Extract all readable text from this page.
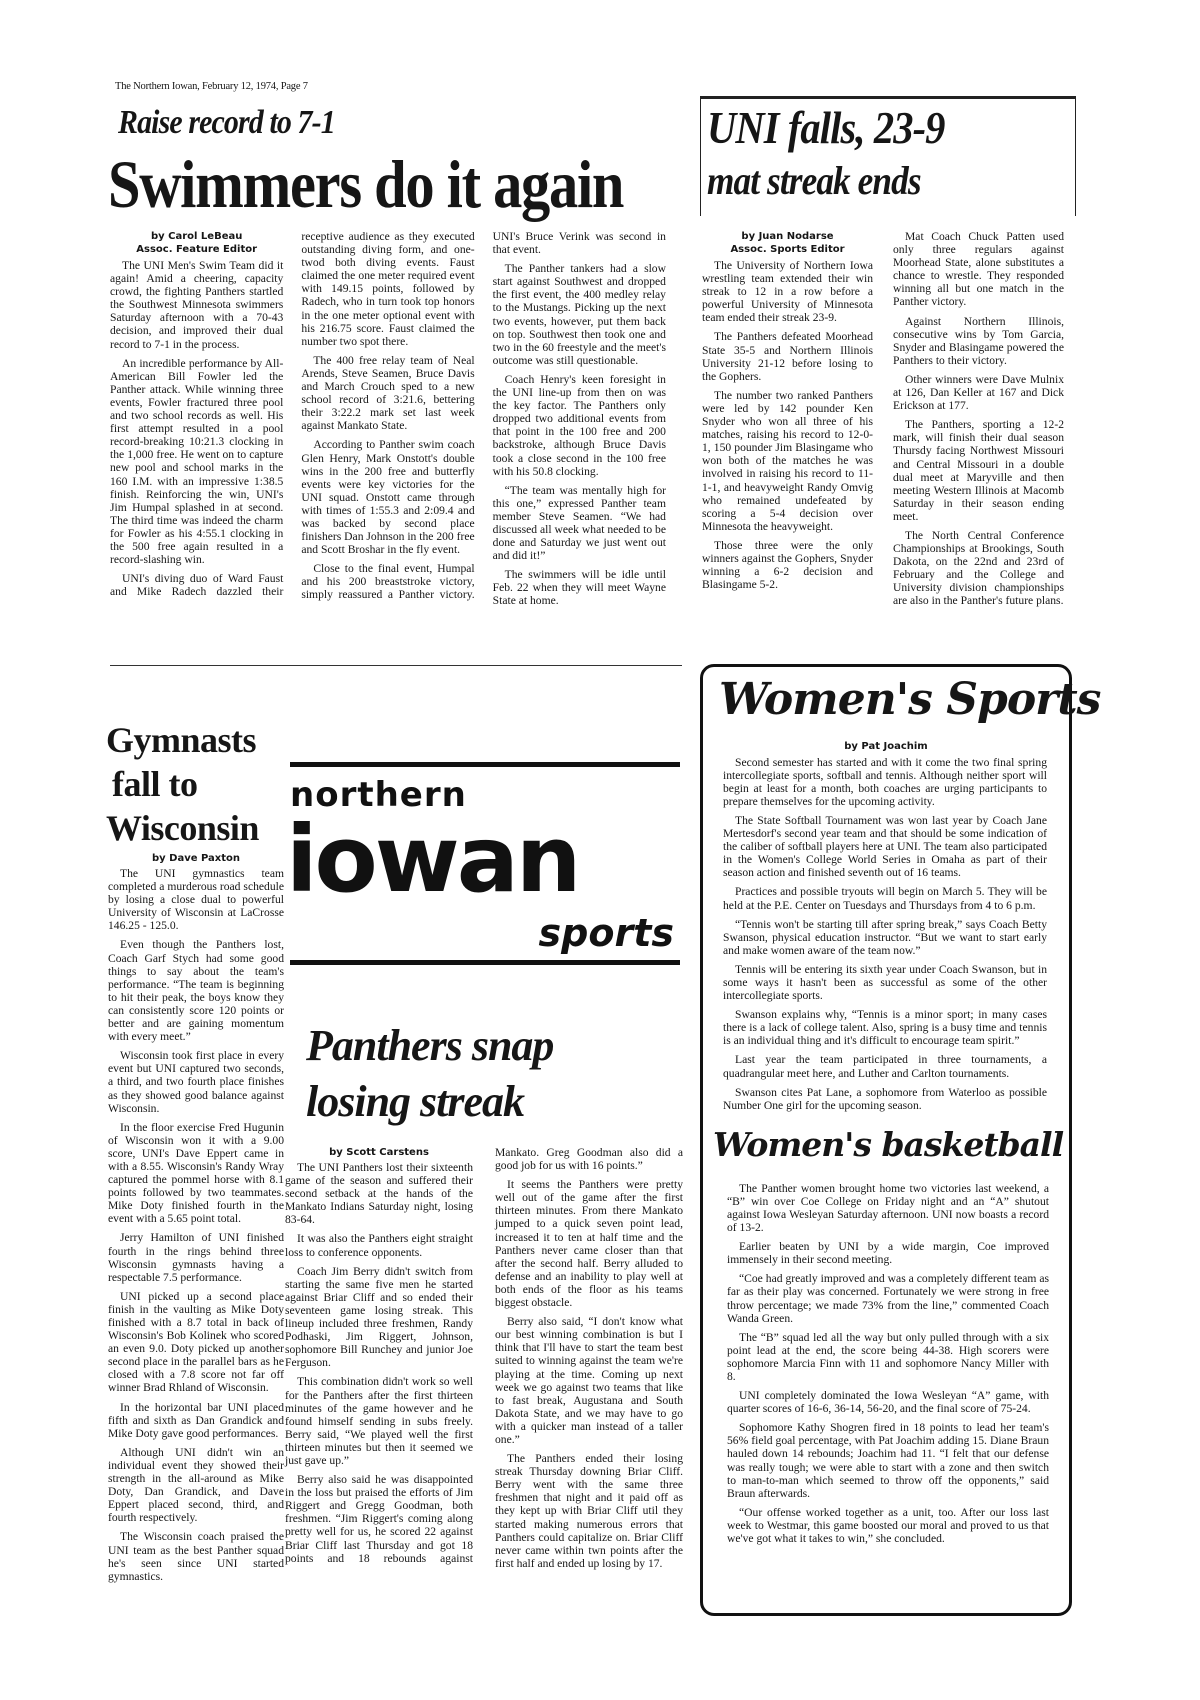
The Northern Iowan, February 12, 1974, Page 7
Raise record to 7-1
Swimmers do it again
by Carol LeBeau
Assoc. Feature Editor

The UNI Men's Swim Team did it again! Amid a cheering, capacity crowd, the fighting Panthers startled the Southwest Minnesota swimmers Saturday afternoon with a 70-43 decision, and improved their dual record to 7-1 in the process.

An incredible performance by All-American Bill Fowler led the Panther attack. While winning three events, Fowler fractured three pool and two school records as well. His first attempt resulted in a pool record-breaking 10:21.3 clocking in the 1,000 free. He went on to capture new pool and school marks in the 160 I.M. with an impressive 1:38.5 finish. Reinforcing the win, UNI's Jim Humpal splashed in at second. The third time was indeed the charm for Fowler as his 4:55.1 clocking in the 500 free again resulted in a record-slashing win.

UNI's diving duo of Ward Faust and Mike Radech dazzled their receptive audience as they executed outstanding diving form, and one-twod both diving events. Faust claimed the one meter required event with 149.15 points, followed by Radech, who in turn took top honors in the one meter optional event with his 216.75 score. Faust claimed the number two spot there.

The 400 free relay team of Neal Arends, Steve Seamen, Bruce Davis and March Crouch sped to a new school record of 3:21.6, bettering their 3:22.2 mark set last week against Mankato State.

According to Panther swim coach Glen Henry, Mark Onstott's double wins in the 200 free and butterfly events were key victories for the UNI squad. Onstott came through with times of 1:55.3 and 2:09.4 and was backed by second place finishers Dan Johnson in the 200 free and Scott Broshar in the fly event.

Close to the final event, Humpal and his 200 breaststroke victory, simply reassured a Panther victory. UNI's Bruce Verink was second in that event.

The Panther tankers had a slow start against Southwest and dropped the first event, the 400 medley relay to the Mustangs. Picking up the next two events, however, put them back on top. Southwest then took one and two in the 60 freestyle and the meet's outcome was still questionable.

Coach Henry's keen foresight in the UNI line-up from then on was the key factor. The Panthers only dropped two additional events from that point in the 100 free and 200 backstroke, although Bruce Davis took a close second in the 100 free with his 50.8 clocking.

“The team was mentally high for this one,” expressed Panther team member Steve Seamen. “We had discussed all week what needed to be done and Saturday we just went out and did it!”

The swimmers will be idle until Feb. 22 when they will meet Wayne State at home.

UNI falls, 23-9
mat streak ends
by Juan Nodarse
Assoc. Sports Editor

The University of Northern Iowa wrestling team extended their win streak to 12 in a row before a powerful University of Minnesota team ended their streak 23-9.

The Panthers defeated Moorhead State 35-5 and Northern Illinois University 21-12 before losing to the Gophers.

The number two ranked Panthers were led by 142 pounder Ken Snyder who won all three of his matches, raising his record to 12-0-1, 150 pounder Jim Blasingame who won both of the matches he was involved in raising his record to 11-1-1, and heavyweight Randy Omvig who remained undefeated by scoring a 5-4 decision over Minnesota the heavyweight.

Those three were the only winners against the Gophers, Snyder winning a 6-2 decision and Blasingame 5-2.

Mat Coach Chuck Patten used only three regulars against Moorhead State, alone substitutes a chance to wrestle. They responded winning all but one match in the Panther victory.

Against Northern Illinois, consecutive wins by Tom Garcia, Snyder and Blasingame powered the Panthers to their victory.

Other winners were Dave Mulnix at 126, Dan Keller at 167 and Dick Erickson at 177.

The Panthers, sporting a 12-2 mark, will finish their dual season Thursdy facing Northwest Missouri and Central Missouri in a double dual meet at Maryville and then meeting Western Illinois at Macomb Saturday in their season ending meet.

The North Central Conference Championships at Brookings, South Dakota, on the 22nd and 23rd of February and the College and University division championships are also in the Panther's future plans.

Gymnasts
fall to
Wisconsin
by Dave Paxton

The UNI gymnastics team completed a murderous road schedule by losing a close dual to powerful University of Wisconsin at LaCrosse 146.25 - 125.0.

Even though the Panthers lost, Coach Garf Stych had some good things to say about the team's performance. “The team is beginning to hit their peak, the boys know they can consistently score 120 points or better and are gaining momentum with every meet.”

Wisconsin took first place in every event but UNI captured two seconds, a third, and two fourth place finishes as they showed good balance against Wisconsin.

In the floor exercise Fred Hugunin of Wisconsin won it with a 9.00 score, UNI's Dave Eppert came in with a 8.55. Wisconsin's Randy Wray captured the pommel horse with 8.1 points followed by two teammates. Mike Doty finished fourth in the event with a 5.65 point total.

Jerry Hamilton of UNI finished fourth in the rings behind three Wisconsin gymnasts having a respectable 7.5 performance.

UNI picked up a second place finish in the vaulting as Mike Doty finished with a 8.7 total in back of Wisconsin's Bob Kolinek who scored an even 9.0. Doty picked up another second place in the parallel bars as he closed with a 7.8 score not far off winner Brad Rhland of Wisconsin.

In the horizontal bar UNI placed fifth and sixth as Dan Grandick and Mike Doty gave good performances.

Although UNI didn't win an individual event they showed their strength in the all-around as Mike Doty, Dan Grandick, and Dave Eppert placed second, third, and fourth respectively.

The Wisconsin coach praised the UNI team as the best Panther squad he's seen since UNI started gymnastics.

northern
iowan
sports
Panthers snap
losing streak
by Scott Carstens

The UNI Panthers lost their sixteenth game of the season and suffered their second setback at the hands of the Mankato Indians Saturday night, losing 83-64.

It was also the Panthers eight straight loss to conference opponents.

Coach Jim Berry didn't switch from starting the same five men he started against Briar Cliff and so ended their seventeen game losing streak. This lineup included three freshmen, Randy Podhaski, Jim Riggert, Johnson, sophomore Bill Runchey and junior Joe Ferguson.

This combination didn't work so well for the Panthers after the first thirteen minutes of the game however and he found himself sending in subs freely. Berry said, “We played well the first thirteen minutes but then it seemed we just gave up.”

Berry also said he was disappointed in the loss but praised the efforts of Jim Riggert and Gregg Goodman, both freshmen. “Jim Riggert's coming along pretty well for us, he scored 22 against Briar Cliff last Thursday and got 18 points and 18 rebounds against Mankato. Greg Goodman also did a good job for us with 16 points.”

It seems the Panthers were pretty well out of the game after the first thirteen minutes. From there Mankato jumped to a quick seven point lead, increased it to ten at half time and the Panthers never came closer than that after the second half. Berry alluded to defense and an inability to play well at both ends of the floor as his teams biggest obstacle.

Berry also said, “I don't know what our best winning combination is but I think that I'll have to start the team best suited to winning against the team we're playing at the time. Coming up next week we go against two teams that like to fast break, Augustana and South Dakota State, and we may have to go with a quicker man instead of a taller one.”

The Panthers ended their losing streak Thursday downing Briar Cliff. Berry went with the same three freshmen that night and it paid off as they kept up with Briar Cliff util they started making numerous errors that Panthers could capitalize on. Briar Cliff never came within twn points after the first half and ended up losing by 17.

Women's Sports
by Pat Joachim

Second semester has started and with it come the two final spring intercollegiate sports, softball and tennis. Although neither sport will begin at least for a month, both coaches are urging participants to prepare themselves for the upcoming activity.

The State Softball Tournament was won last year by Coach Jane Mertesdorf's second year team and that should be some indication of the caliber of softball players here at UNI. The team also participated in the Women's College World Series in Omaha as part of their season action and finished seventh out of 16 teams.

Practices and possible tryouts will begin on March 5. They will be held at the P.E. Center on Tuesdays and Thursdays from 4 to 6 p.m.

“Tennis won't be starting till after spring break,” says Coach Betty Swanson, physical education instructor. “But we want to start early and make women aware of the team now.”

Tennis will be entering its sixth year under Coach Swanson, but in some ways it hasn't been as successful as some of the other intercollegiate sports.

Swanson explains why, “Tennis is a minor sport; in many cases there is a lack of college talent. Also, spring is a busy time and tennis is an individual thing and it's difficult to encourage team spirit.”

Last year the team participated in three tournaments, a quadrangular meet here, and Luther and Carlton tournaments.

Swanson cites Pat Lane, a sophomore from Waterloo as possible Number One girl for the upcoming season.

Women's basketball

The Panther women brought home two victories last weekend, a “B” win over Coe College on Friday night and an “A” shutout against Iowa Wesleyan Saturday afternoon. UNI now boasts a record of 13-2.

Earlier beaten by UNI by a wide margin, Coe improved immensely in their second meeting.

“Coe had greatly improved and was a completely different team as far as their play was concerned. Fortunately we were strong in free throw percentage; we made 73% from the line,” commented Coach Wanda Green.

The “B” squad led all the way but only pulled through with a six point lead at the end, the score being 44-38. High scorers were sophomore Marcia Finn with 11 and sophomore Nancy Miller with 8.

UNI completely dominated the Iowa Wesleyan “A” game, with quarter scores of 16-6, 36-14, 56-20, and the final score of 75-24.

Sophomore Kathy Shogren fired in 18 points to lead her team's 56% field goal percentage, with Pat Joachim adding 15. Diane Braun hauled down 14 rebounds; Joachim had 11. “I felt that our defense was really tough; we were able to start with a zone and then switch to man-to-man which seemed to throw off the opponents,” said Braun afterwards.

“Our offense worked together as a unit, too. After our loss last week to Westmar, this game boosted our moral and proved to us that we've got what it takes to win,” she concluded.
